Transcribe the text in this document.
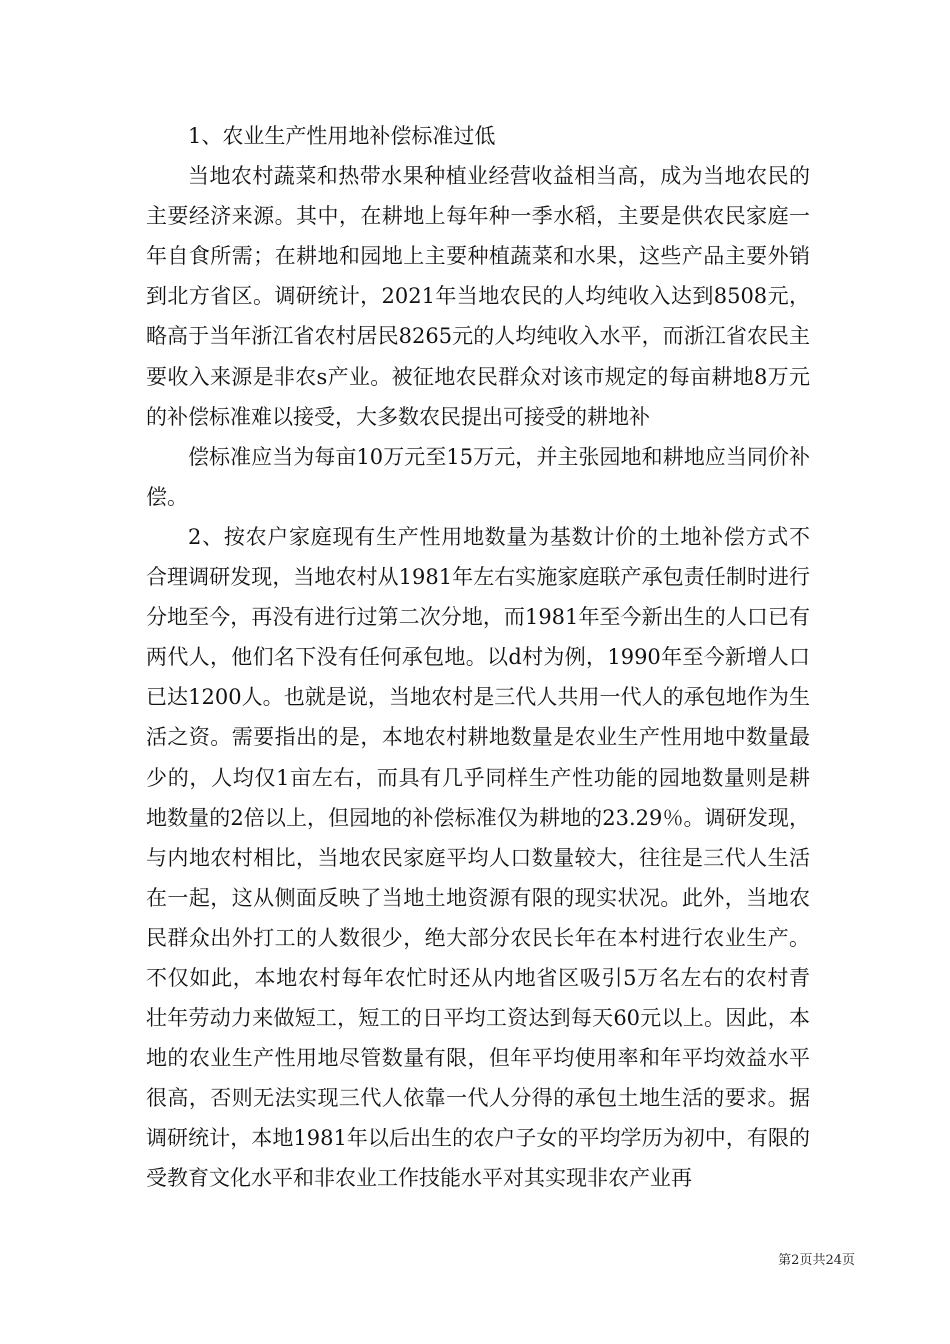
1、农业生产性用地补偿标准过低

当地农村蔬菜和热带水果种植业经营收益相当高，成为当地农民的主要经济来源。其中，在耕地上每年种一季水稻，主要是供农民家庭一年自食所需；在耕地和园地上主要种植蔬菜和水果，这些产品主要外销到北方省区。调研统计，2021年当地农民的人均纯收入达到8508元，略高于当年浙江省农村居民8265元的人均纯收入水平，而浙江省农民主要收入来源是非农s产业。被征地农民群众对该市规定的每亩耕地8万元的补偿标准难以接受，大多数农民提出可接受的耕地补

偿标准应当为每亩10万元至15万元，并主张园地和耕地应当同价补偿。

2、按农户家庭现有生产性用地数量为基数计价的土地补偿方式不合理调研发现，当地农村从1981年左右实施家庭联产承包责任制时进行分地至今，再没有进行过第二次分地，而1981年至今新出生的人口已有两代人，他们名下没有任何承包地。以d村为例，1990年至今新增人口已达1200人。也就是说，当地农村是三代人共用一代人的承包地作为生活之资。需要指出的是，本地农村耕地数量是农业生产性用地中数量最少的，人均仅1亩左右，而具有几乎同样生产性功能的园地数量则是耕地数量的2倍以上，但园地的补偿标准仅为耕地的23.29％。调研发现，与内地农村相比，当地农民家庭平均人口数量较大，往往是三代人生活在一起，这从侧面反映了当地土地资源有限的现实状况。此外，当地农民群众出外打工的人数很少，绝大部分农民长年在本村进行农业生产。不仅如此，本地农村每年农忙时还从内地省区吸引5万名左右的农村青壮年劳动力来做短工，短工的日平均工资达到每天60元以上。因此，本地的农业生产性用地尽管数量有限，但年平均使用率和年平均效益水平很高，否则无法实现三代人依靠一代人分得的承包土地生活的要求。据调研统计，本地1981年以后出生的农户子女的平均学历为初中，有限的受教育文化水平和非农业工作技能水平对其实现非农产业再

第2页共24页
